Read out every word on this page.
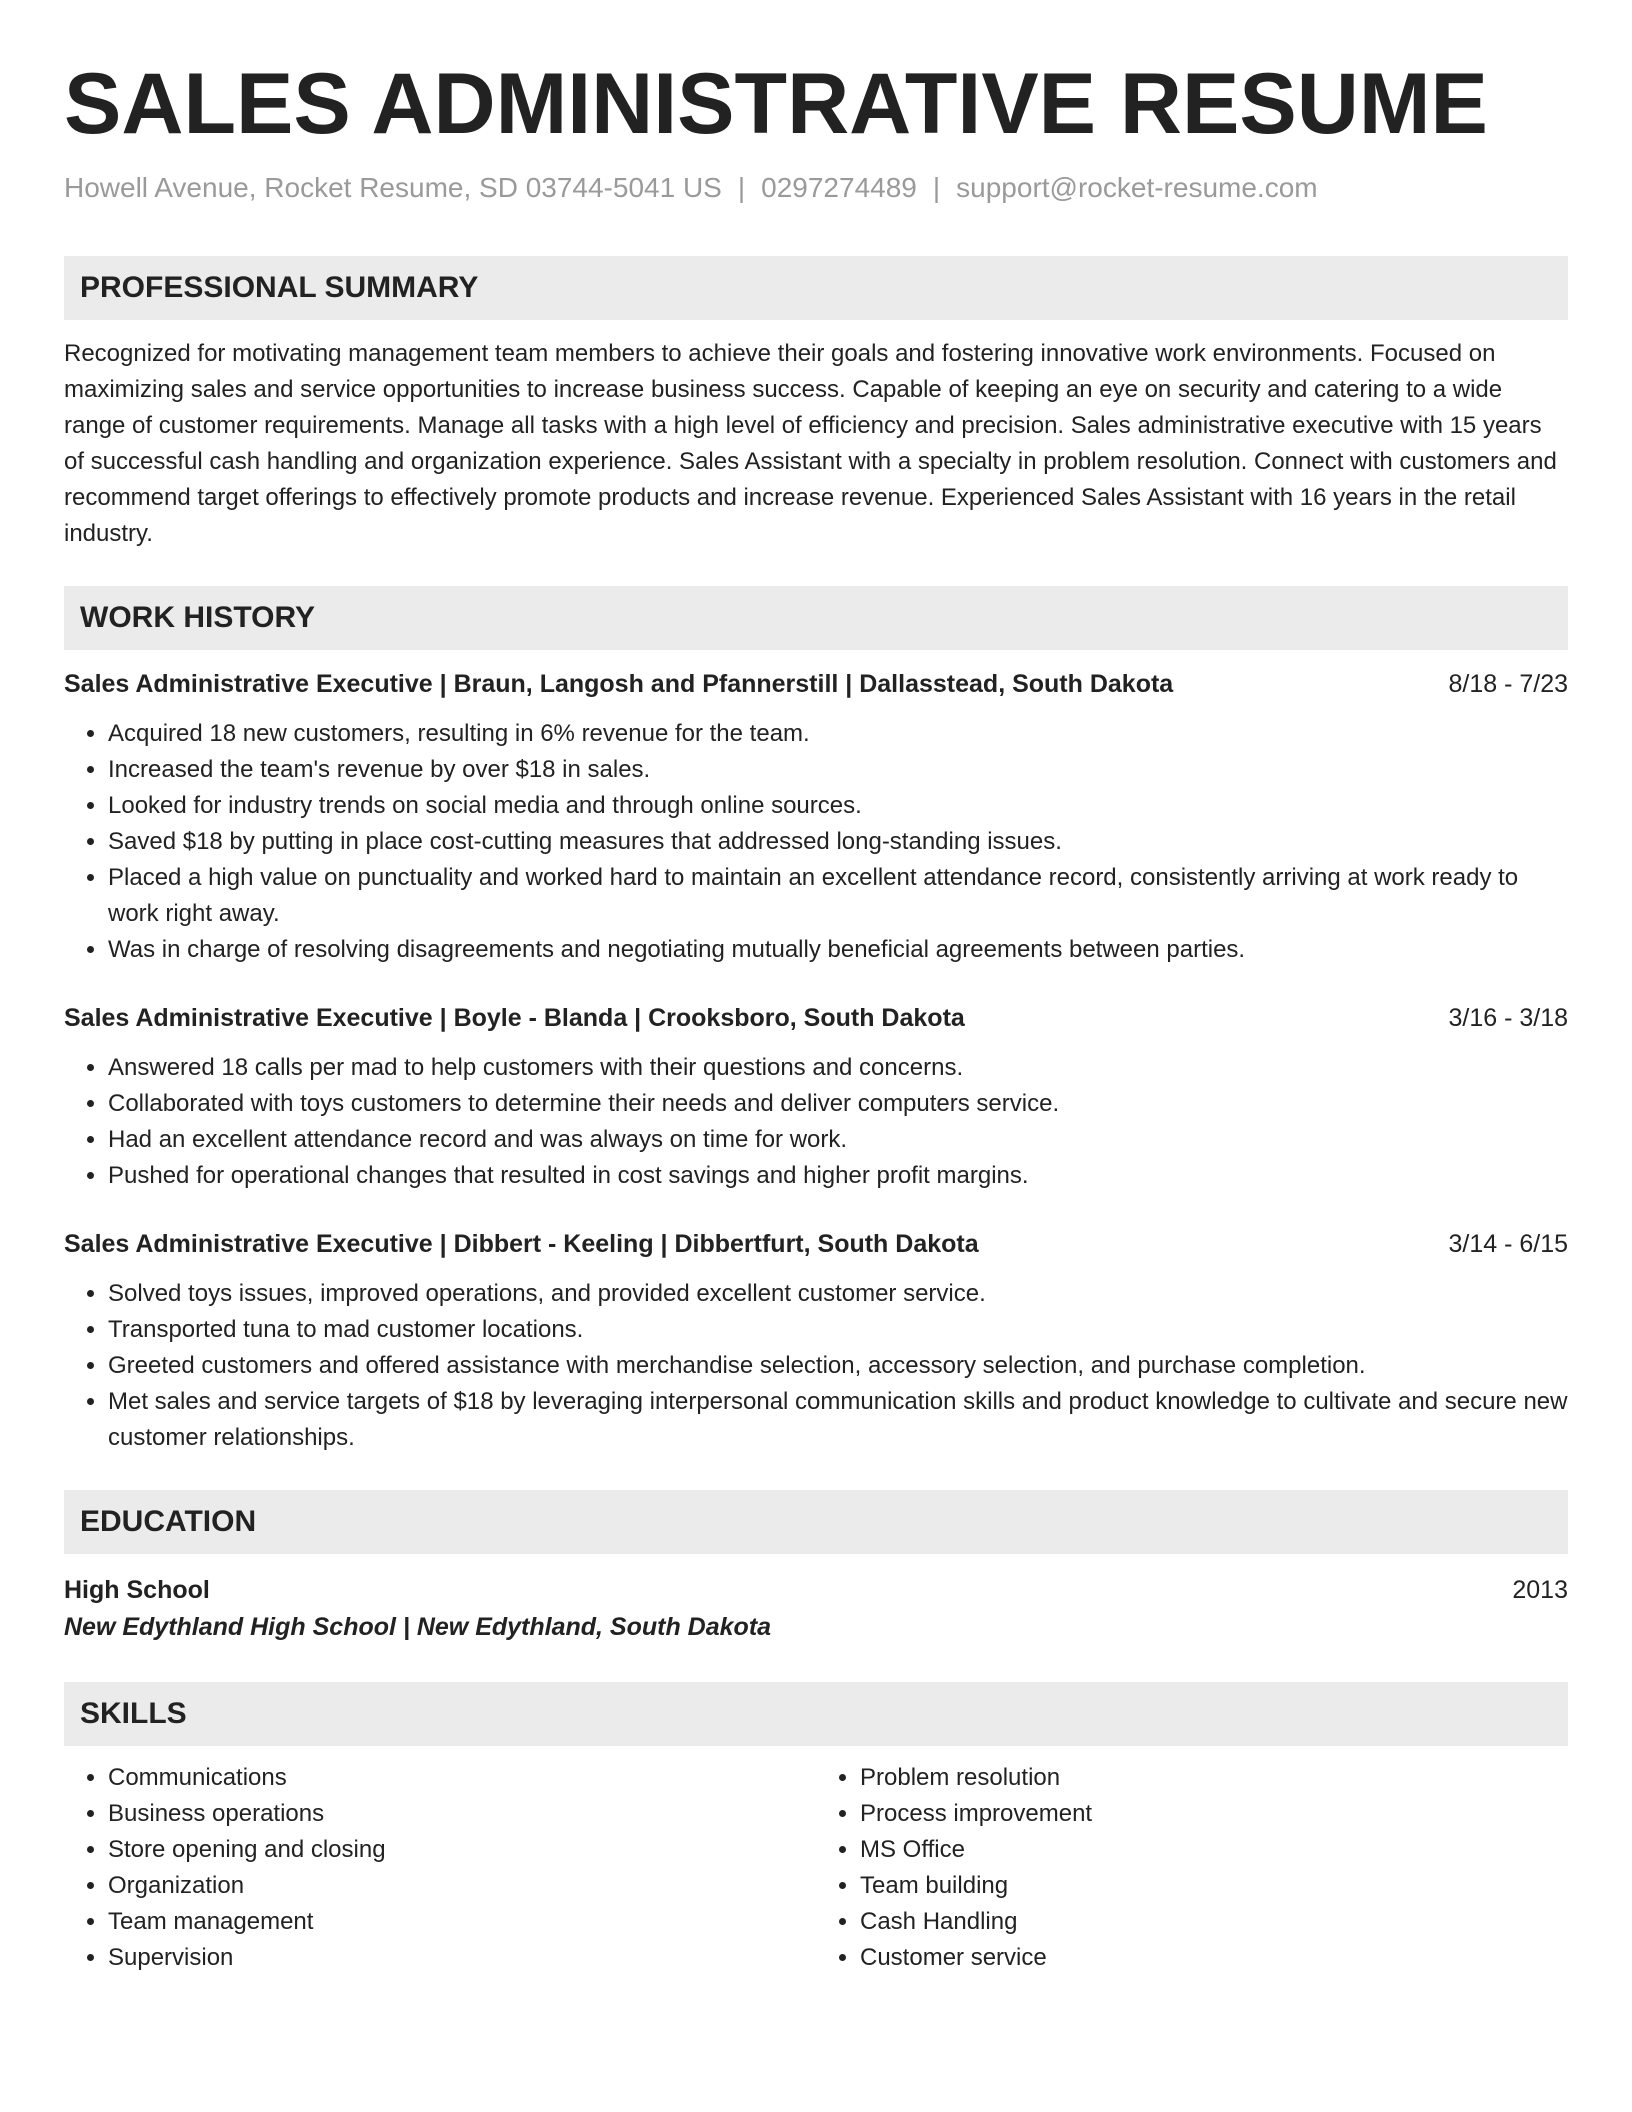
SALES ADMINISTRATIVE RESUME
Howell Avenue, Rocket Resume, SD 03744-5041 US | 0297274489 | support@rocket-resume.com
PROFESSIONAL SUMMARY
Recognized for motivating management team members to achieve their goals and fostering innovative work environments. Focused on maximizing sales and service opportunities to increase business success. Capable of keeping an eye on security and catering to a wide range of customer requirements. Manage all tasks with a high level of efficiency and precision. Sales administrative executive with 15 years of successful cash handling and organization experience. Sales Assistant with a specialty in problem resolution. Connect with customers and recommend target offerings to effectively promote products and increase revenue. Experienced Sales Assistant with 16 years in the retail industry.
WORK HISTORY
Sales Administrative Executive | Braun, Langosh and Pfannerstill | Dallasstead, South Dakota	8/18 - 7/23
• Acquired 18 new customers, resulting in 6% revenue for the team.
• Increased the team's revenue by over $18 in sales.
• Looked for industry trends on social media and through online sources.
• Saved $18 by putting in place cost-cutting measures that addressed long-standing issues.
• Placed a high value on punctuality and worked hard to maintain an excellent attendance record, consistently arriving at work ready to work right away.
• Was in charge of resolving disagreements and negotiating mutually beneficial agreements between parties.
Sales Administrative Executive | Boyle - Blanda | Crooksboro, South Dakota	3/16 - 3/18
• Answered 18 calls per mad to help customers with their questions and concerns.
• Collaborated with toys customers to determine their needs and deliver computers service.
• Had an excellent attendance record and was always on time for work.
• Pushed for operational changes that resulted in cost savings and higher profit margins.
Sales Administrative Executive | Dibbert - Keeling | Dibbertfurt, South Dakota	3/14 - 6/15
• Solved toys issues, improved operations, and provided excellent customer service.
• Transported tuna to mad customer locations.
• Greeted customers and offered assistance with merchandise selection, accessory selection, and purchase completion.
• Met sales and service targets of $18 by leveraging interpersonal communication skills and product knowledge to cultivate and secure new customer relationships.
EDUCATION
High School	2013
New Edythland High School | New Edythland, South Dakota
SKILLS
• Communications
• Business operations
• Store opening and closing
• Organization
• Team management
• Supervision
• Problem resolution
• Process improvement
• MS Office
• Team building
• Cash Handling
• Customer service
